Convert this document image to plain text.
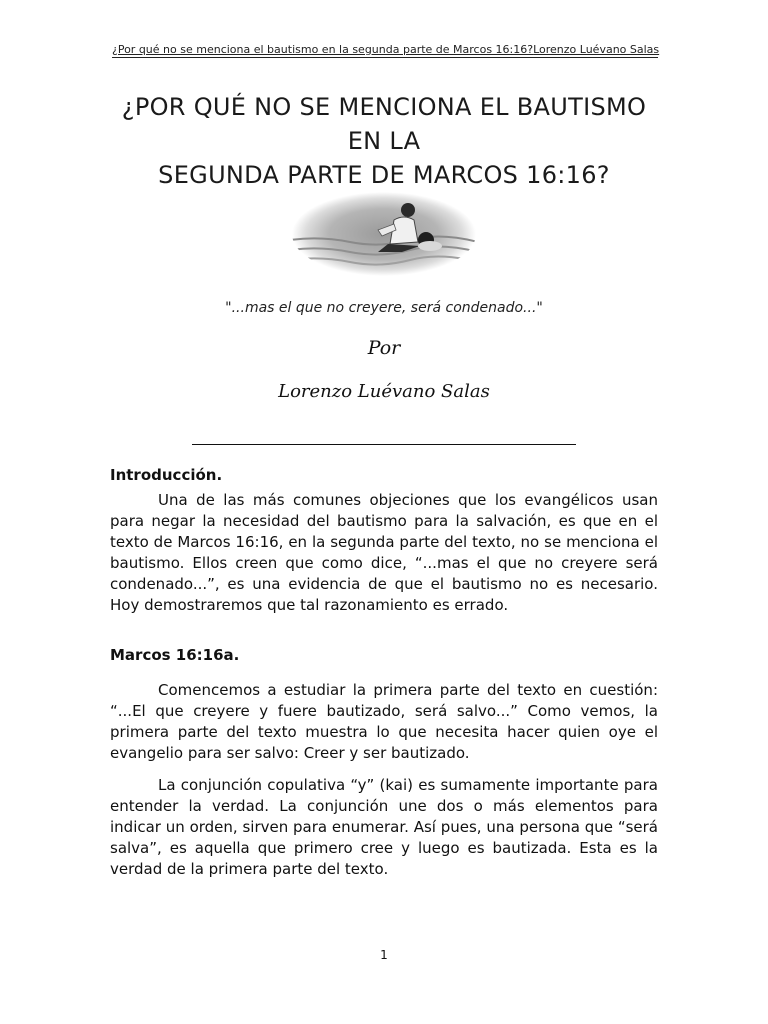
¿Por qué no se menciona el bautismo en la segunda parte de Marcos 16:16? Lorenzo Luévano Salas
¿POR QUÉ NO SE MENCIONA EL BAUTISMO EN LA
SEGUNDA PARTE DE MARCOS 16:16?
"...mas el que no creyere, será condenado..."
Por
Lorenzo Luévano Salas
Introducción.

Una de las más comunes objeciones que los evangélicos usan para negar la necesidad del bautismo para la salvación, es que en el texto de Marcos 16:16, en la segunda parte del texto, no se menciona el bautismo. Ellos creen que como dice, “...mas el que no creyere será condenado...”, es una evidencia de que el bautismo no es necesario. Hoy demostraremos que tal razonamiento es errado.

Marcos 16:16a.

Comencemos a estudiar la primera parte del texto en cuestión: “...El que creyere y fuere bautizado, será salvo...” Como vemos, la primera parte del texto muestra lo que necesita hacer quien oye el evangelio para ser salvo: Creer y ser bautizado.

La conjunción copulativa “y” (kai) es sumamente importante para entender la verdad. La conjunción une dos o más elementos para indicar un orden, sirven para enumerar. Así pues, una persona que “será salva”, es aquella que primero cree y luego es bautizada. Esta es la verdad de la primera parte del texto.

1
